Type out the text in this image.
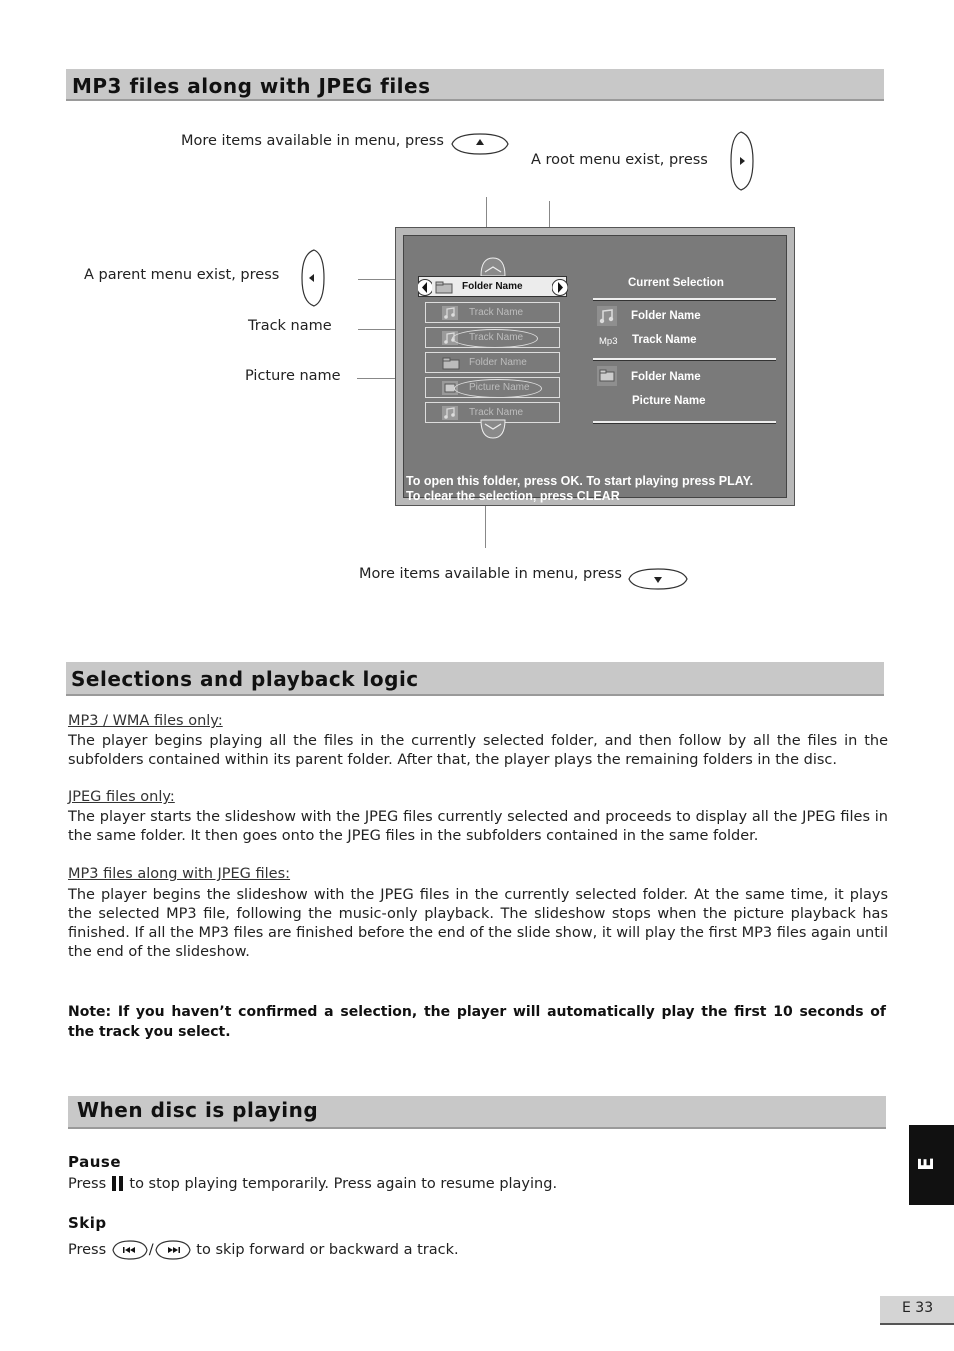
MP3 files along with JPEG files
More items available in menu, press
A root menu exist, press
A parent menu exist, press
Track name
Picture name
Folder Name
Track Name
Track Name
Folder Name
Picture Name
Track Name
Current Selection
Folder Name
Mp3 Track Name
Folder Name
Picture Name
To open this folder, press OK. To start playing press PLAY.
To clear the selection, press CLEAR
More items available in menu, press
Selections and playback logic
MP3 / WMA files only:
The player begins playing all the files in the currently selected folder, and then follow by all the files in the subfolders contained within its parent folder. After that, the player plays the remaining folders in the disc.
JPEG files only:
The player starts the slideshow with the JPEG files currently selected and proceeds to display all the JPEG files in the same folder. It then goes onto the JPEG files in the subfolders contained in the same folder.
MP3 files along with JPEG files:
The player begins the slideshow with the JPEG files in the currently selected folder. At the same time, it plays the selected MP3 file, following the music-only playback. The slideshow stops when the picture playback has finished. If all the MP3 files are finished before the end of the slide show, it will play the first MP3 files again until the end of the slideshow.
Note: If you haven’t confirmed a selection, the player will automatically play the first 10 seconds of the track you select.
When disc is playing
Pause
Press to stop playing temporarily. Press again to resume playing.
Skip
Press	/	to skip forward or backward a track.
E
E 33
